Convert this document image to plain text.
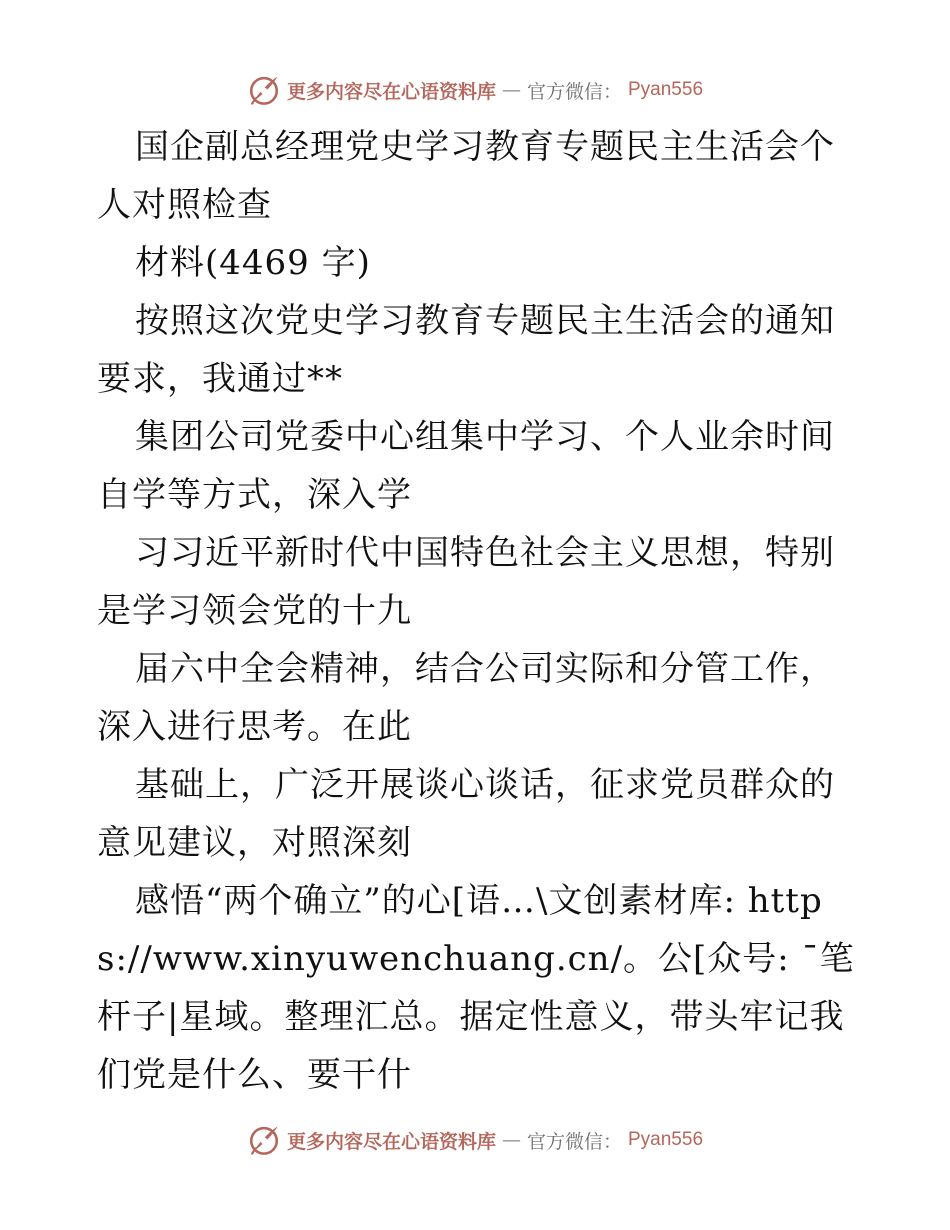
更多内容尽在心语资料库 — 官方微信： Pyan556

国企副总经理党史学习教育专题民主生活会个人对照检查

材料(4469 字)

按照这次党史学习教育专题民主生活会的通知要求，我通过**

集团公司党委中心组集中学习、个人业余时间自学等方式，深入学

习习近平新时代中国特色社会主义思想，特别是学习领会党的十九

届六中全会精神，结合公司实际和分管工作，深入进行思考。在此

基础上，广泛开展谈心谈话，征求党员群众的意见建议，对照深刻

感悟“两个确立”的心[语…\文创素材库: https://www.xinyuwenchuang.cn/。公[众号: ¯笔杆子|星域。整理汇总。据定性意义，带头牢记我们党是什么、要干什

更多内容尽在心语资料库 — 官方微信： Pyan556
